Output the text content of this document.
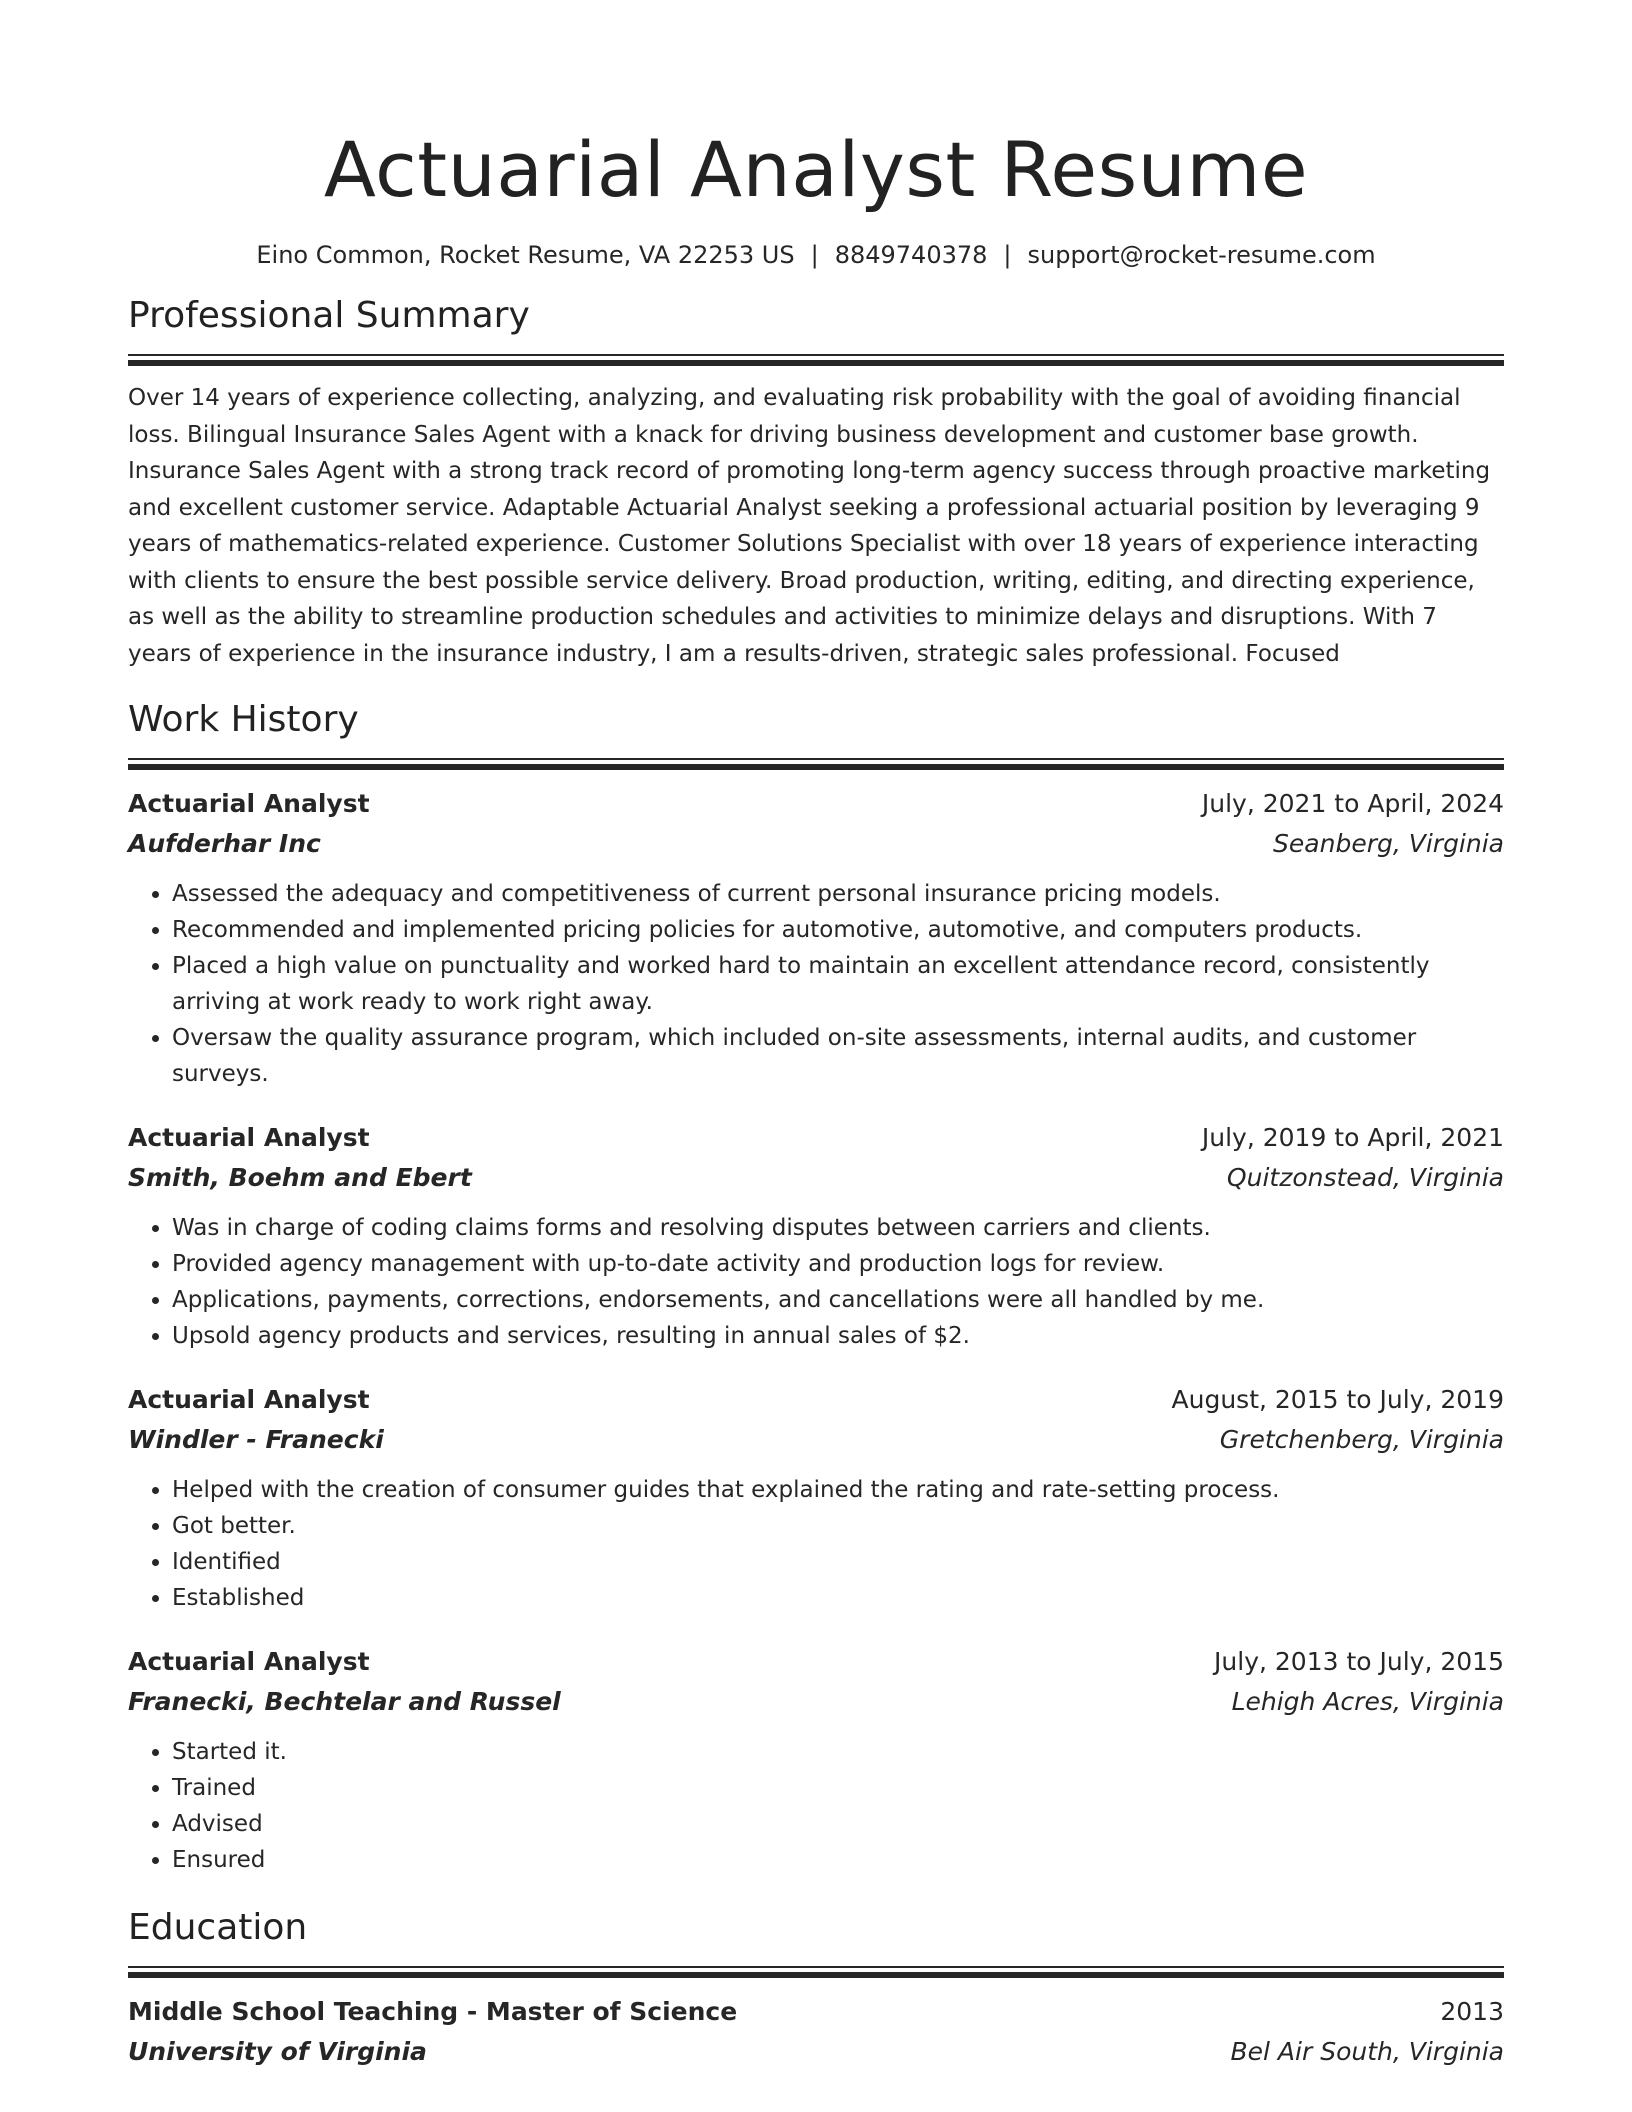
Actuarial Analyst Resume
Eino Common, Rocket Resume, VA 22253 US | 8849740378 | support@rocket-resume.com
Professional Summary

Over 14 years of experience collecting, analyzing, and evaluating risk probability with the goal of avoiding financial loss. Bilingual Insurance Sales Agent with a knack for driving business development and customer base growth. Insurance Sales Agent with a strong track record of promoting long-term agency success through proactive marketing and excellent customer service. Adaptable Actuarial Analyst seeking a professional actuarial position by leveraging 9 years of mathematics-related experience. Customer Solutions Specialist with over 18 years of experience interacting with clients to ensure the best possible service delivery. Broad production, writing, editing, and directing experience, as well as the ability to streamline production schedules and activities to minimize delays and disruptions. With 7 years of experience in the insurance industry, I am a results-driven, strategic sales professional. Focused

Work History
Actuarial Analyst	July, 2021 to April, 2024
Aufderhar Inc	Seanberg, Virginia
• Assessed the adequacy and competitiveness of current personal insurance pricing models.
• Recommended and implemented pricing policies for automotive, automotive, and computers products.
• Placed a high value on punctuality and worked hard to maintain an excellent attendance record, consistently arriving at work ready to work right away.
• Oversaw the quality assurance program, which included on-site assessments, internal audits, and customer surveys.
Actuarial Analyst	July, 2019 to April, 2021
Smith, Boehm and Ebert	Quitzonstead, Virginia
• Was in charge of coding claims forms and resolving disputes between carriers and clients.
• Provided agency management with up-to-date activity and production logs for review.
• Applications, payments, corrections, endorsements, and cancellations were all handled by me.
• Upsold agency products and services, resulting in annual sales of $2.
Actuarial Analyst	August, 2015 to July, 2019
Windler - Franecki	Gretchenberg, Virginia
• Helped with the creation of consumer guides that explained the rating and rate-setting process.
• Got better.
• Identified
• Established
Actuarial Analyst	July, 2013 to July, 2015
Franecki, Bechtelar and Russel	Lehigh Acres, Virginia
• Started it.
• Trained
• Advised
• Ensured
Education
Middle School Teaching - Master of Science	2013
University of Virginia	Bel Air South, Virginia
